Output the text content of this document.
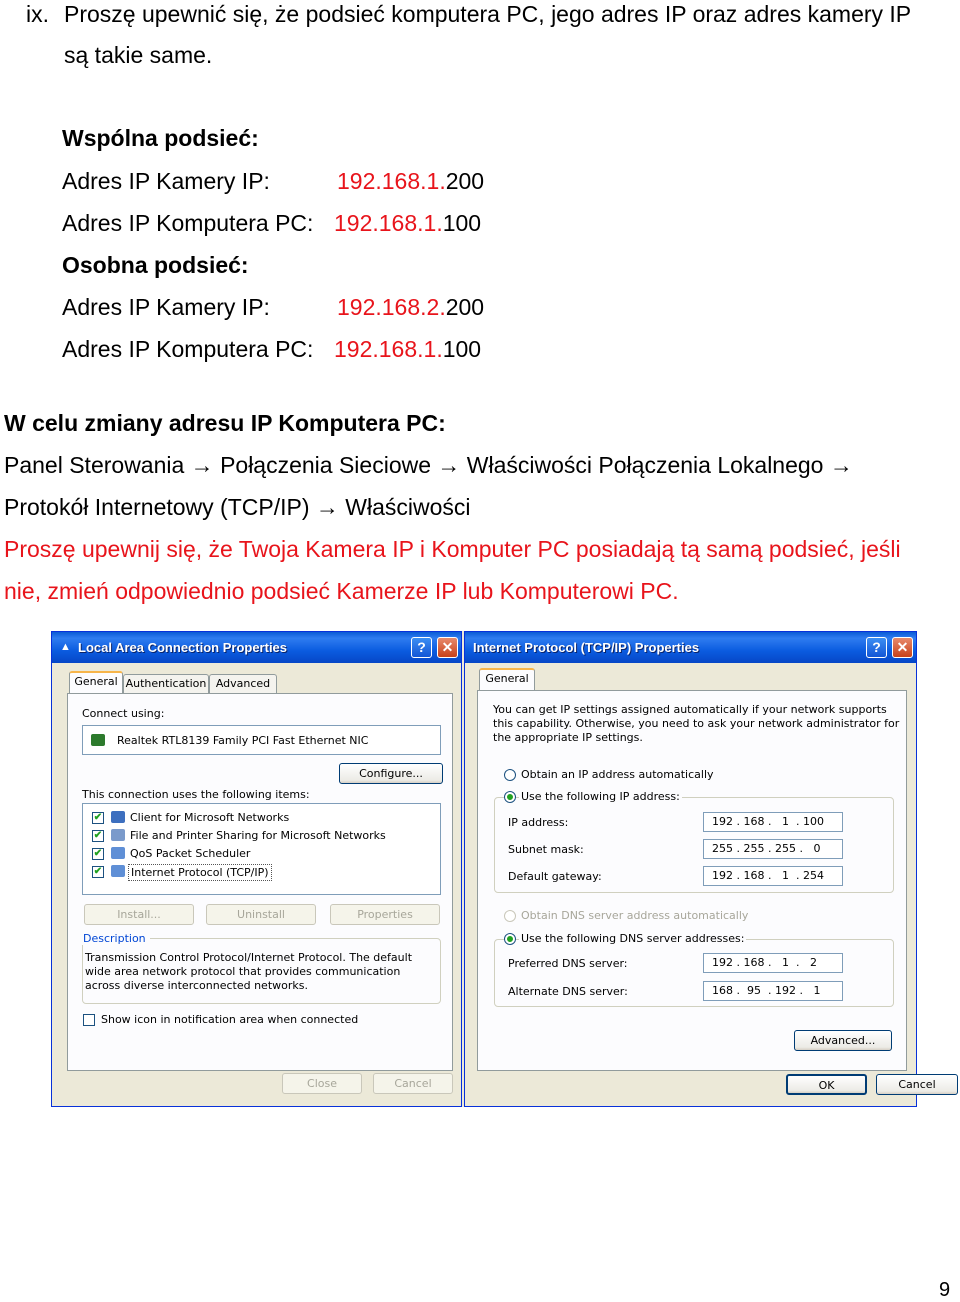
ix. Proszę upewnić się, że podsieć komputera PC, jego adres IP oraz adres kamery IP
są takie same.
Wspólna podsieć:
Adres IP Kamery IP:	192.168.1.200
Adres IP Komputera PC: 192.168.1.100
Osobna podsieć:
Adres IP Kamery IP:	192.168.2.200
Adres IP Komputera PC: 192.168.1.100
W celu zmiany adresu IP Komputera PC:
Panel Sterowania → Połączenia Sieciowe → Właściwości Połączenia Lokalnego →
Protokół Internetowy (TCP/IP) → Właściwości
Proszę upewnij się, że Twoja Kamera IP i Komputer PC posiadają tą samą podsieć, jeśli
nie, zmień odpowiednio podsieć Kamerze IP lub Komputerowi PC.
▲ Local Area Connection Properties	?	✕
General Authentication Advanced
Connect using:
Realtek RTL8139 Family PCI Fast Ethernet NIC
Configure...
This connection uses the following items:
✔	Client for Microsoft Networks
✔	File and Printer Sharing for Microsoft Networks
✔	QoS Packet Scheduler
✔	Internet Protocol (TCP/IP)
Install...	Uninstall	Properties
Description
Transmission Control Protocol/Internet Protocol. The default
wide area network protocol that provides communication
across diverse interconnected networks.
Show icon in notification area when connected
Close	Cancel
Internet Protocol (TCP/IP) Properties	?	✕
General
You can get IP settings assigned automatically if your network supports
this capability. Otherwise, you need to ask your network administrator for
the appropriate IP settings.
Obtain an IP address automatically
Use the following IP address:
IP address:	192 . 168 .   1  . 100
Subnet mask:	255 . 255 . 255 .   0
Default gateway:	192 . 168 .   1  . 254
Obtain DNS server address automatically
Use the following DNS server addresses:
Preferred DNS server:	192 . 168 .   1  .   2
Alternate DNS server:	168 .  95  . 192 .   1
Advanced...
OK	Cancel
9
